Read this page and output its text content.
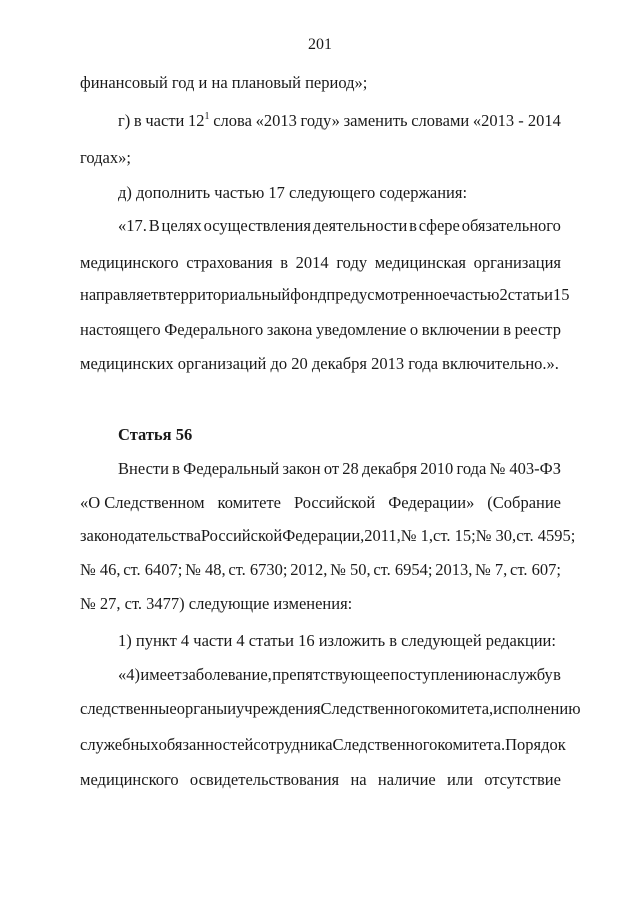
201
финансовый год и на плановый период»;
г) в части $12^1$ слова «2013 году» заменить словами «2013 - 2014
годах»;
д) дополнить частью 17 следующего содержания:
«17. В целях осуществления деятельности в сфере обязательного
медицинского страхования в 2014 году медицинская организация
направляет в территориальный фонд предусмотренное частью 2 статьи 15
настоящего Федерального закона уведомление о включении в реестр
медицинских организаций до 20 декабря 2013 года включительно.».
Статья 56
Внести в Федеральный закон от 28 декабря 2010 года № 403-ФЗ
«О Следственном комитете Российской Федерации» (Собрание
законодательства Российской Федерации, 2011, № 1, ст. 15; № 30, ст. 4595;
№ 46, ст. 6407; № 48, ст. 6730; 2012, № 50, ст. 6954; 2013, № 7, ст. 607;
№ 27, ст. 3477) следующие изменения:
1) пункт 4 части 4 статьи 16 изложить в следующей редакции:
«4) имеет заболевание, препятствующее поступлению на службу в
следственные органы и учреждения Следственного комитета, исполнению
служебных обязанностей сотрудника Следственного комитета. Порядок
медицинского освидетельствования на наличие или отсутствие
